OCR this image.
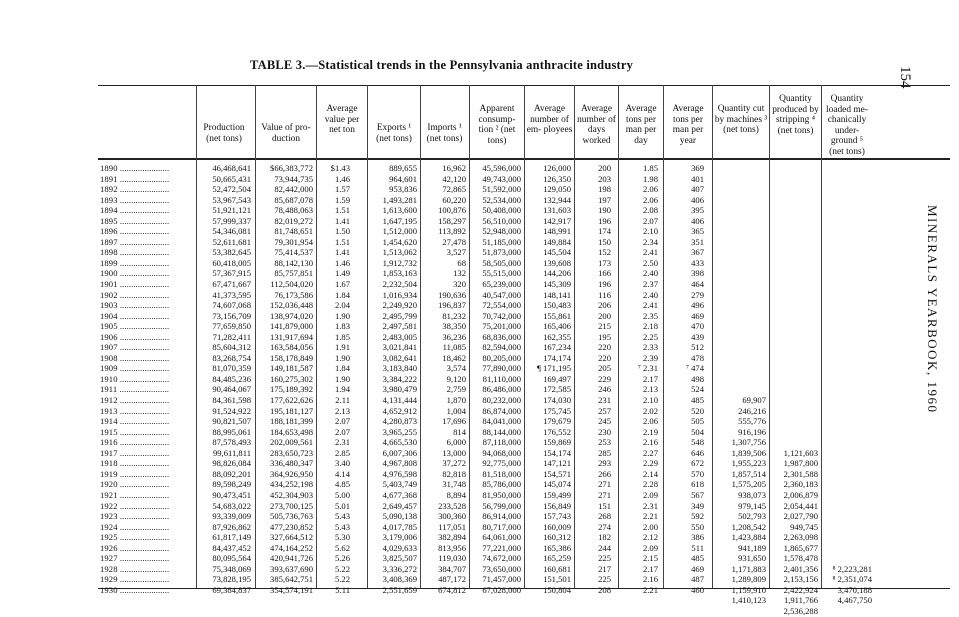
TABLE 3.—Statistical trends in the Pennsylvania anthracite industry
154
MINERALS YEARBOOK, 1960
Production (net tons)
Value of pro- duction
Average value per net ton	Exports ¹ (net tons)
Imports ¹ (net tons)
Apparent consump- tion ² (net tons)
Average number of em- ployees
Average number of days worked
Average tons per man per day
Average tons per man per year
Quantity cut by machines ³ (net tons)
Quantity produced by stripping ⁴ (net tons)
Quantity loaded me- chanically under- ground ⁵ (net tons)
1890 ......................
1891 ......................
1892 ......................
1893 ......................
1894 ......................
1895 ......................
1896 ......................
1897 ......................
1898 ......................
1899 ......................
1900 ......................
1901 ......................
1902 ......................
1903 ......................
1904 ......................
1905 ......................
1906 ......................
1907 ......................
1908 ......................
1909 ......................
1910 ......................
1911 ......................
1912 ......................
1913 ......................
1914 ......................
1915 ......................
1916 ......................
1917 ......................
1918 ......................
1919 ......................
1920 ......................
1921 ......................
1922 ......................
1923 ......................
1924 ......................
1925 ......................
1926 ......................
1927 ......................
1928 ......................
1929 ......................
1930 ......................
46,468,641
50,665,431
52,472,504
53,967,543
51,921,121
57,999,337
54,346,081
52,611,681
53,382,645
60,418,005
57,367,915
67,471,667
41,373,595
74,607,068
73,156,709
77,659,850
71,282,411
85,604,312
83,268,754
81,070,359
84,485,236
90,464,067
84,361,598
91,524,922
90,821,507
88,995,061
87,578,493
99,611,811
98,826,084
88,092,201
89,598,249
90,473,451
54,683,022
93,339,009
87,926,862
61,817,149
84,437,452
80,095,564
75,348,069
73,828,195
69,384,837
$66,383,772
73,944,735
82,442,000
85,687,078
78,488,063
82,019,272
81,748,651
79,301,954
75,414,537
88,142,130
85,757,851
112,504,020
76,173,586
152,036,448
138,974,020
141,879,000
131,917,694
163,584,056
158,178,849
149,181,587
160,275,302
175,189,392
177,622,626
195,181,127
188,181,399
184,653,498
202,009,561
283,650,723
336,480,347
364,926,950
434,252,198
452,304,903
273,700,125
505,736,763
477,230,852
327,664,512
474,164,252
420,941,726
393,637,690
385,642,751
354,574,191
$1.43
1.46
1.57
1.59
1.51
1.41
1.50
1.51
1.41
1.46
1.49
1.67
1.84
2.04
1.90
1.83
1.85
1.91
1.90
1.84
1.90
1.94
2.11
2.13
2.07
2.07
2.31
2.85
3.40
4.14
4.85
5.00
5.01
5.43
5.43
5.30
5.62
5.26
5.22
5.22
5.11
889,655
964,601
953,836
1,493,281
1,613,600
1,647,195
1,512,000
1,454,620
1,513,062
1,912,732
1,853,163
2,232,504
1,016,934
2,249,920
2,495,799
2,497,581
2,483,005
3,021,841
3,082,641
3,183,840
3,384,222
3,980,479
4,131,444
4,652,912
4,280,873
3,965,255
4,665,530
6,007,306
4,967,808
4,976,598
5,403,749
4,677,368
2,649,457
5,090,138
4,017,785
3,179,006
4,029,633
3,825,507
3,336,272
3,408,369
2,551,659
16,962
42,120
72,865
60,220
100,876
158,297
113,892
27,478
3,527
68
132
320
190,636
196,837
81,232
38,350
36,236
11,085
18,462
3,574
9,120
2,759
1,870
1,004
17,696
814
6,000
13,000
37,272
82,818
31,748
8,894
233,528
300,360
117,051
382,894
813,956
119,030
384,707
487,172
674,812
45,596,000
49,743,000
51,592,000
52,534,000
50,408,000
56,510,000
52,948,000
51,185,000
51,873,000
58,505,000
55,515,000
65,239,000
40,547,000
72,554,000
70,742,000
75,201,000
68,836,000
82,594,000
80,205,000
77,890,000
81,110,000
86,486,000
80,232,000
86,874,000
84,041,000
88,144,000
87,118,000
94,068,000
92,775,000
81,518,000
85,786,000
81,950,000
56,799,000
86,914,000
80,717,000
64,061,000
77,221,000
74,672,000
73,650,000
71,457,000
67,028,000
126,000
126,350
129,050
132,944
131,603
142,917
148,991
149,884
145,504
139,608
144,206
145,309
148,141
150,483
155,861
165,406
162,355
167,234
174,174
¶ 171,195
169,497
172,585
174,030
175,745
179,679
176,552
159,869
154,174
147,121
154,571
145,074
159,499
156,849
157,743
160,009
160,312
165,386
165,259
160,681
151,501
150,804
200
203
198
197
190
196
174
150
152
173
166
196
116
206
200
215
195
220
220
205
229
246
231
257
245
230
253
285
293
266
271
271
151
268
274
182
244
225
217
225
208
1.85
1.98
2.06
2.06
2.08
2.07
2.10
2.34
2.41
2.50
2.40
2.37
2.40
2.41
2.35
2.18
2.25
2.33
2.39
⁷ 2.31
2.17
2.13
2.10
2.02
2.06
2.19
2.16
2.27
2.29
2.14
2.28
2.09
2.31
2.21
2.00
2.12
2.09
2.15
2.17
2.16
2.21
369
401
407
406
395
406
365
351
367
433
398
464
279
496
469
470
439
512
478
⁷ 474
498
524
485
520
505
504
548
646
672
570
618
567
349
592
550
386
511
485
469
487
460
69,907
246,216
555,776
916,196
1,307,756
1,839,506
1,955,223
1,857,514
1,575,205
938,073
979,145
502,793
1,208,542
1,423,884
941,189
931,650
1,171,883
1,289,809
1,159,910
1,410,123
1,121,603
1,987,800
2,301,588
2,360,183
2,006,879
2,054,441
2,027,790
949,745
2,263,098
1,865,677
1,578,478
2,401,356
2,153,156
2,422,924
1,911,766
2,536,288
⁸ 2,223,281
⁸ 2,351,074
3,470,188
4,467,750
